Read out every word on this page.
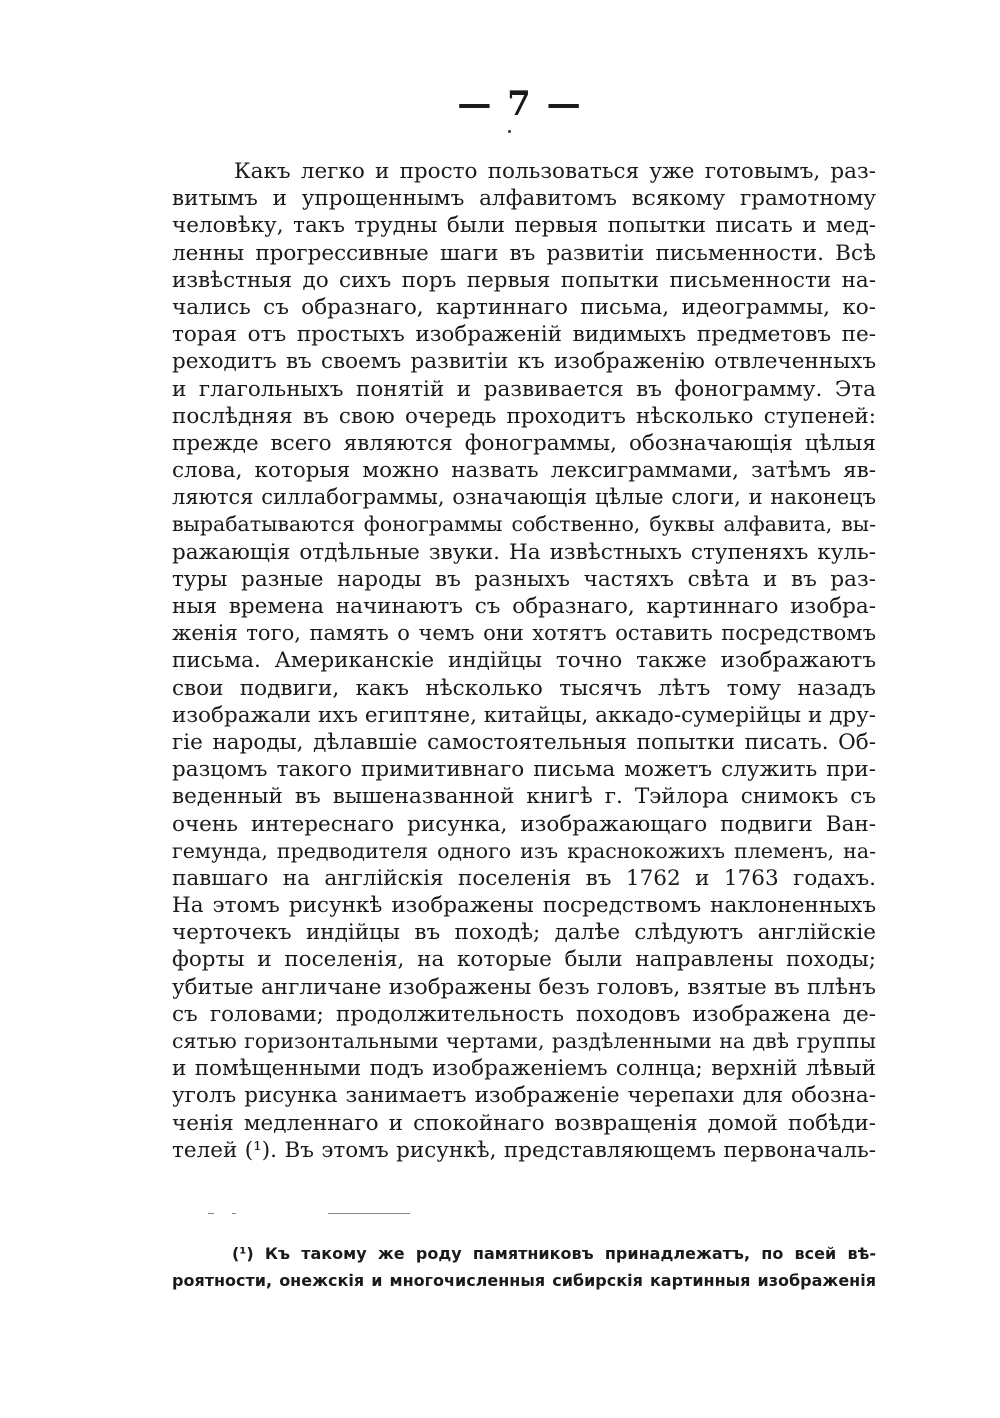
— 7 —
Какъ легко и просто пользоваться уже готовымъ, раз-
витымъ и упрощеннымъ алфавитомъ всякому грамотному
человѣку, такъ трудны были первыя попытки писать и мед-
ленны прогрессивные шаги въ развитіи письменности. Всѣ
извѣстныя до сихъ поръ первыя попытки письменности на-
чались съ образнаго, картиннаго письма, идеограммы, ко-
торая отъ простыхъ изображеній видимыхъ предметовъ пе-
реходитъ въ своемъ развитіи къ изображенію отвлеченныхъ
и глагольныхъ понятій и развивается въ фонограмму. Эта
послѣдняя въ свою очередь проходитъ нѣсколько ступеней:
прежде всего являются фонограммы, обозначающія цѣлыя
слова, которыя можно назвать лексиграммами, затѣмъ яв-
ляются силлабограммы, означающія цѣлые слоги, и наконецъ
вырабатываются фонограммы собственно, буквы алфавита, вы-
ражающія отдѣльные звуки. На извѣстныхъ ступеняхъ куль-
туры разные народы въ разныхъ частяхъ свѣта и въ раз-
ныя времена начинаютъ съ образнаго, картиннаго изобра-
женія того, память о чемъ они хотятъ оставить посредствомъ
письма. Американскіе индійцы точно также изображаютъ
свои подвиги, какъ нѣсколько тысячъ лѣтъ тому назадъ
изображали ихъ египтяне, китайцы, аккадо-сумерійцы и дру-
гіе народы, дѣлавшіе самостоятельныя попытки писать. Об-
разцомъ такого примитивнаго письма можетъ служить при-
веденный въ вышеназванной книгѣ г. Тэйлора снимокъ съ
очень интереснаго рисунка, изображающаго подвиги Ван-
гемунда, предводителя одного изъ краснокожихъ племенъ, на-
павшаго на англійскія поселенія въ 1762 и 1763 годахъ.
На этомъ рисункѣ изображены посредствомъ наклоненныхъ
черточекъ индійцы въ походѣ; далѣе слѣдуютъ англійскіе
форты и поселенія, на которые были направлены походы;
убитые англичане изображены безъ головъ, взятые въ плѣнъ
съ головами; продолжительность походовъ изображена де-
сятью горизонтальными чертами, раздѣленными на двѣ группы
и помѣщенными подъ изображеніемъ солнца; верхній лѣвый
уголъ рисунка занимаетъ изображеніе черепахи для обозна-
ченія медленнаго и спокойнаго возвращенія домой побѣди-
телей (¹). Въ этомъ рисункѣ, представляющемъ первоначаль-
(¹) Къ такому же роду памятниковъ принадлежатъ, по всей вѣ-
роятности, онежскія и многочисленныя сибирскія картинныя изображенія
